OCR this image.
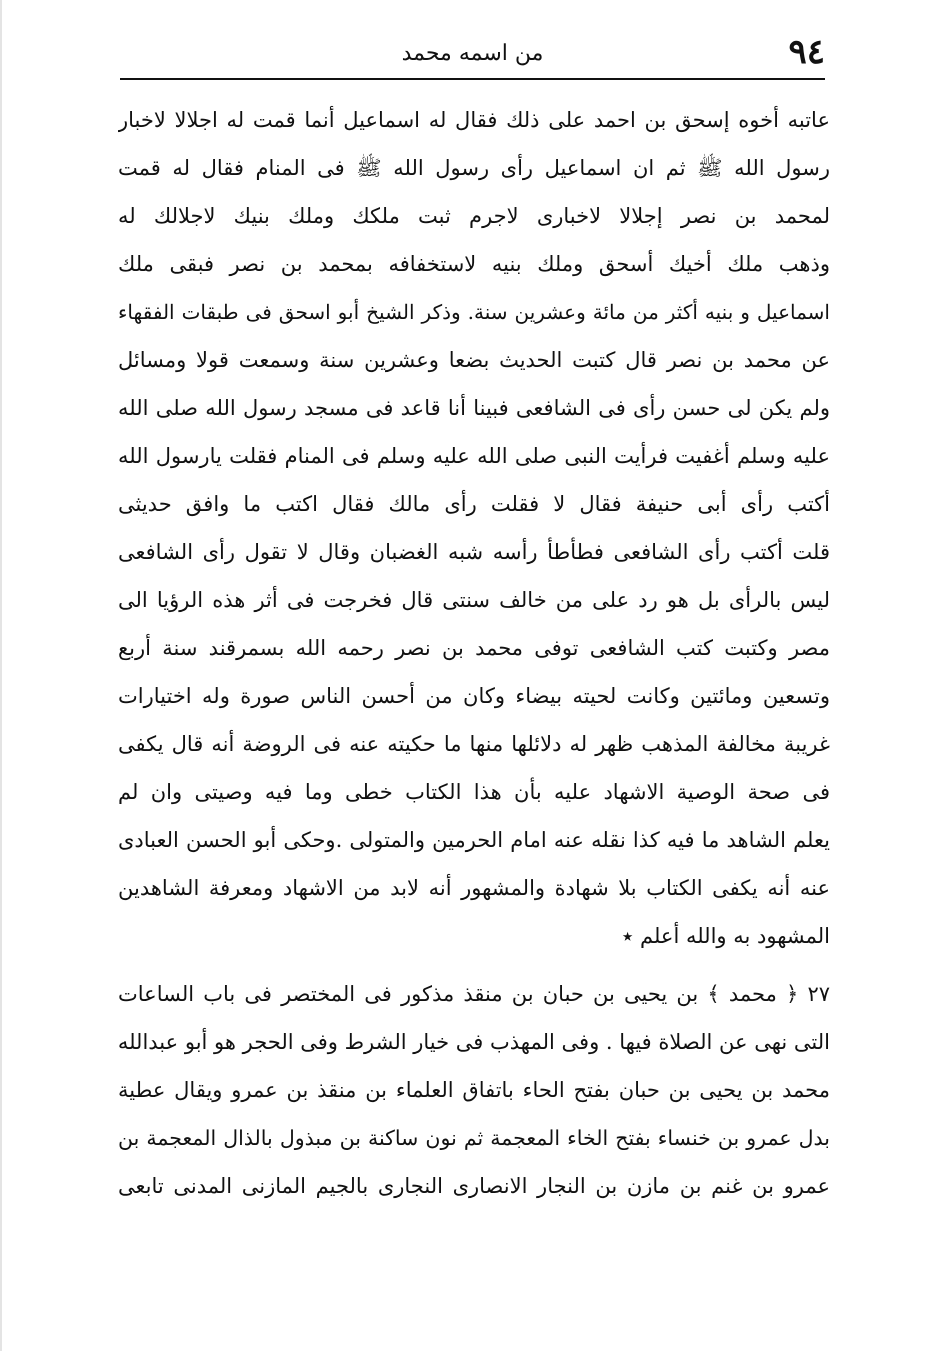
٩٤
من اسمه محمد
عاتبه أخوه إسحق بن احمد على ذلك فقال له اسماعيل أنما قمت له اجلالا لاخبار
رسول الله ﷺ ثم ان اسماعيل رأى رسول الله ﷺ فى المنام فقال له قمت
لمحمد بن نصر إجلالا لاخبارى لاجرم ثبت ملكك وملك بنيك لاجلالك له
وذهب ملك أخيك أسحق وملك بنيه لاستخفافه بمحمد بن نصر فبقى ملك
اسماعيل و بنيه أكثر من مائة وعشرين سنة. وذكر الشيخ أبو اسحق فى طبقات الفقهاء
عن محمد بن نصر قال كتبت الحديث بضعا وعشرين سنة وسمعت قولا ومسائل
ولم يكن لى حسن رأى فى الشافعى فبينا أنا قاعد فى مسجد رسول الله صلى الله
عليه وسلم أغفيت فرأيت النبى صلى الله عليه وسلم فى المنام فقلت يارسول الله
أكتب رأى أبى حنيفة فقال لا فقلت رأى مالك فقال اكتب ما وافق حديثى
قلت أكتب رأى الشافعى فطأطأ رأسه شبه الغضبان وقال لا تقول رأى الشافعى
ليس بالرأى بل هو رد على من خالف سنتى قال فخرجت فى أثر هذه الرؤيا الى
مصر وكتبت كتب الشافعى توفى محمد بن نصر رحمه الله بسمرقند سنة أربع
وتسعين ومائتين وكانت لحيته بيضاء وكان من أحسن الناس صورة وله اختيارات
غريبة مخالفة المذهب ظهر له دلائلها منها ما حكيته عنه فى الروضة أنه قال يكفى
فى صحة الوصية الاشهاد عليه بأن هذا الكتاب خطى وما فيه وصيتى وان لم
يعلم الشاهد ما فيه كذا نقله عنه امام الحرمين والمتولى .وحكى أبو الحسن العبادى
عنه أنه يكفى الكتاب بلا شهادة والمشهور أنه لابد من الاشهاد ومعرفة الشاهدين
المشهود به والله أعلم ٭
٢٧ ﴿ محمد ﴾ بن يحيى بن حبان بن منقذ مذكور فى المختصر فى باب الساعات
التى نهى عن الصلاة فيها . وفى المهذب فى خيار الشرط وفى الحجر هو أبو عبدالله
محمد بن يحيى بن حبان بفتح الحاء باتفاق العلماء بن منقذ بن عمرو ويقال عطية
بدل عمرو بن خنساء بفتح الخاء المعجمة ثم نون ساكنة بن مبذول بالذال المعجمة بن
عمرو بن غنم بن مازن بن النجار الانصارى النجارى بالجيم المازنى المدنى تابعى
